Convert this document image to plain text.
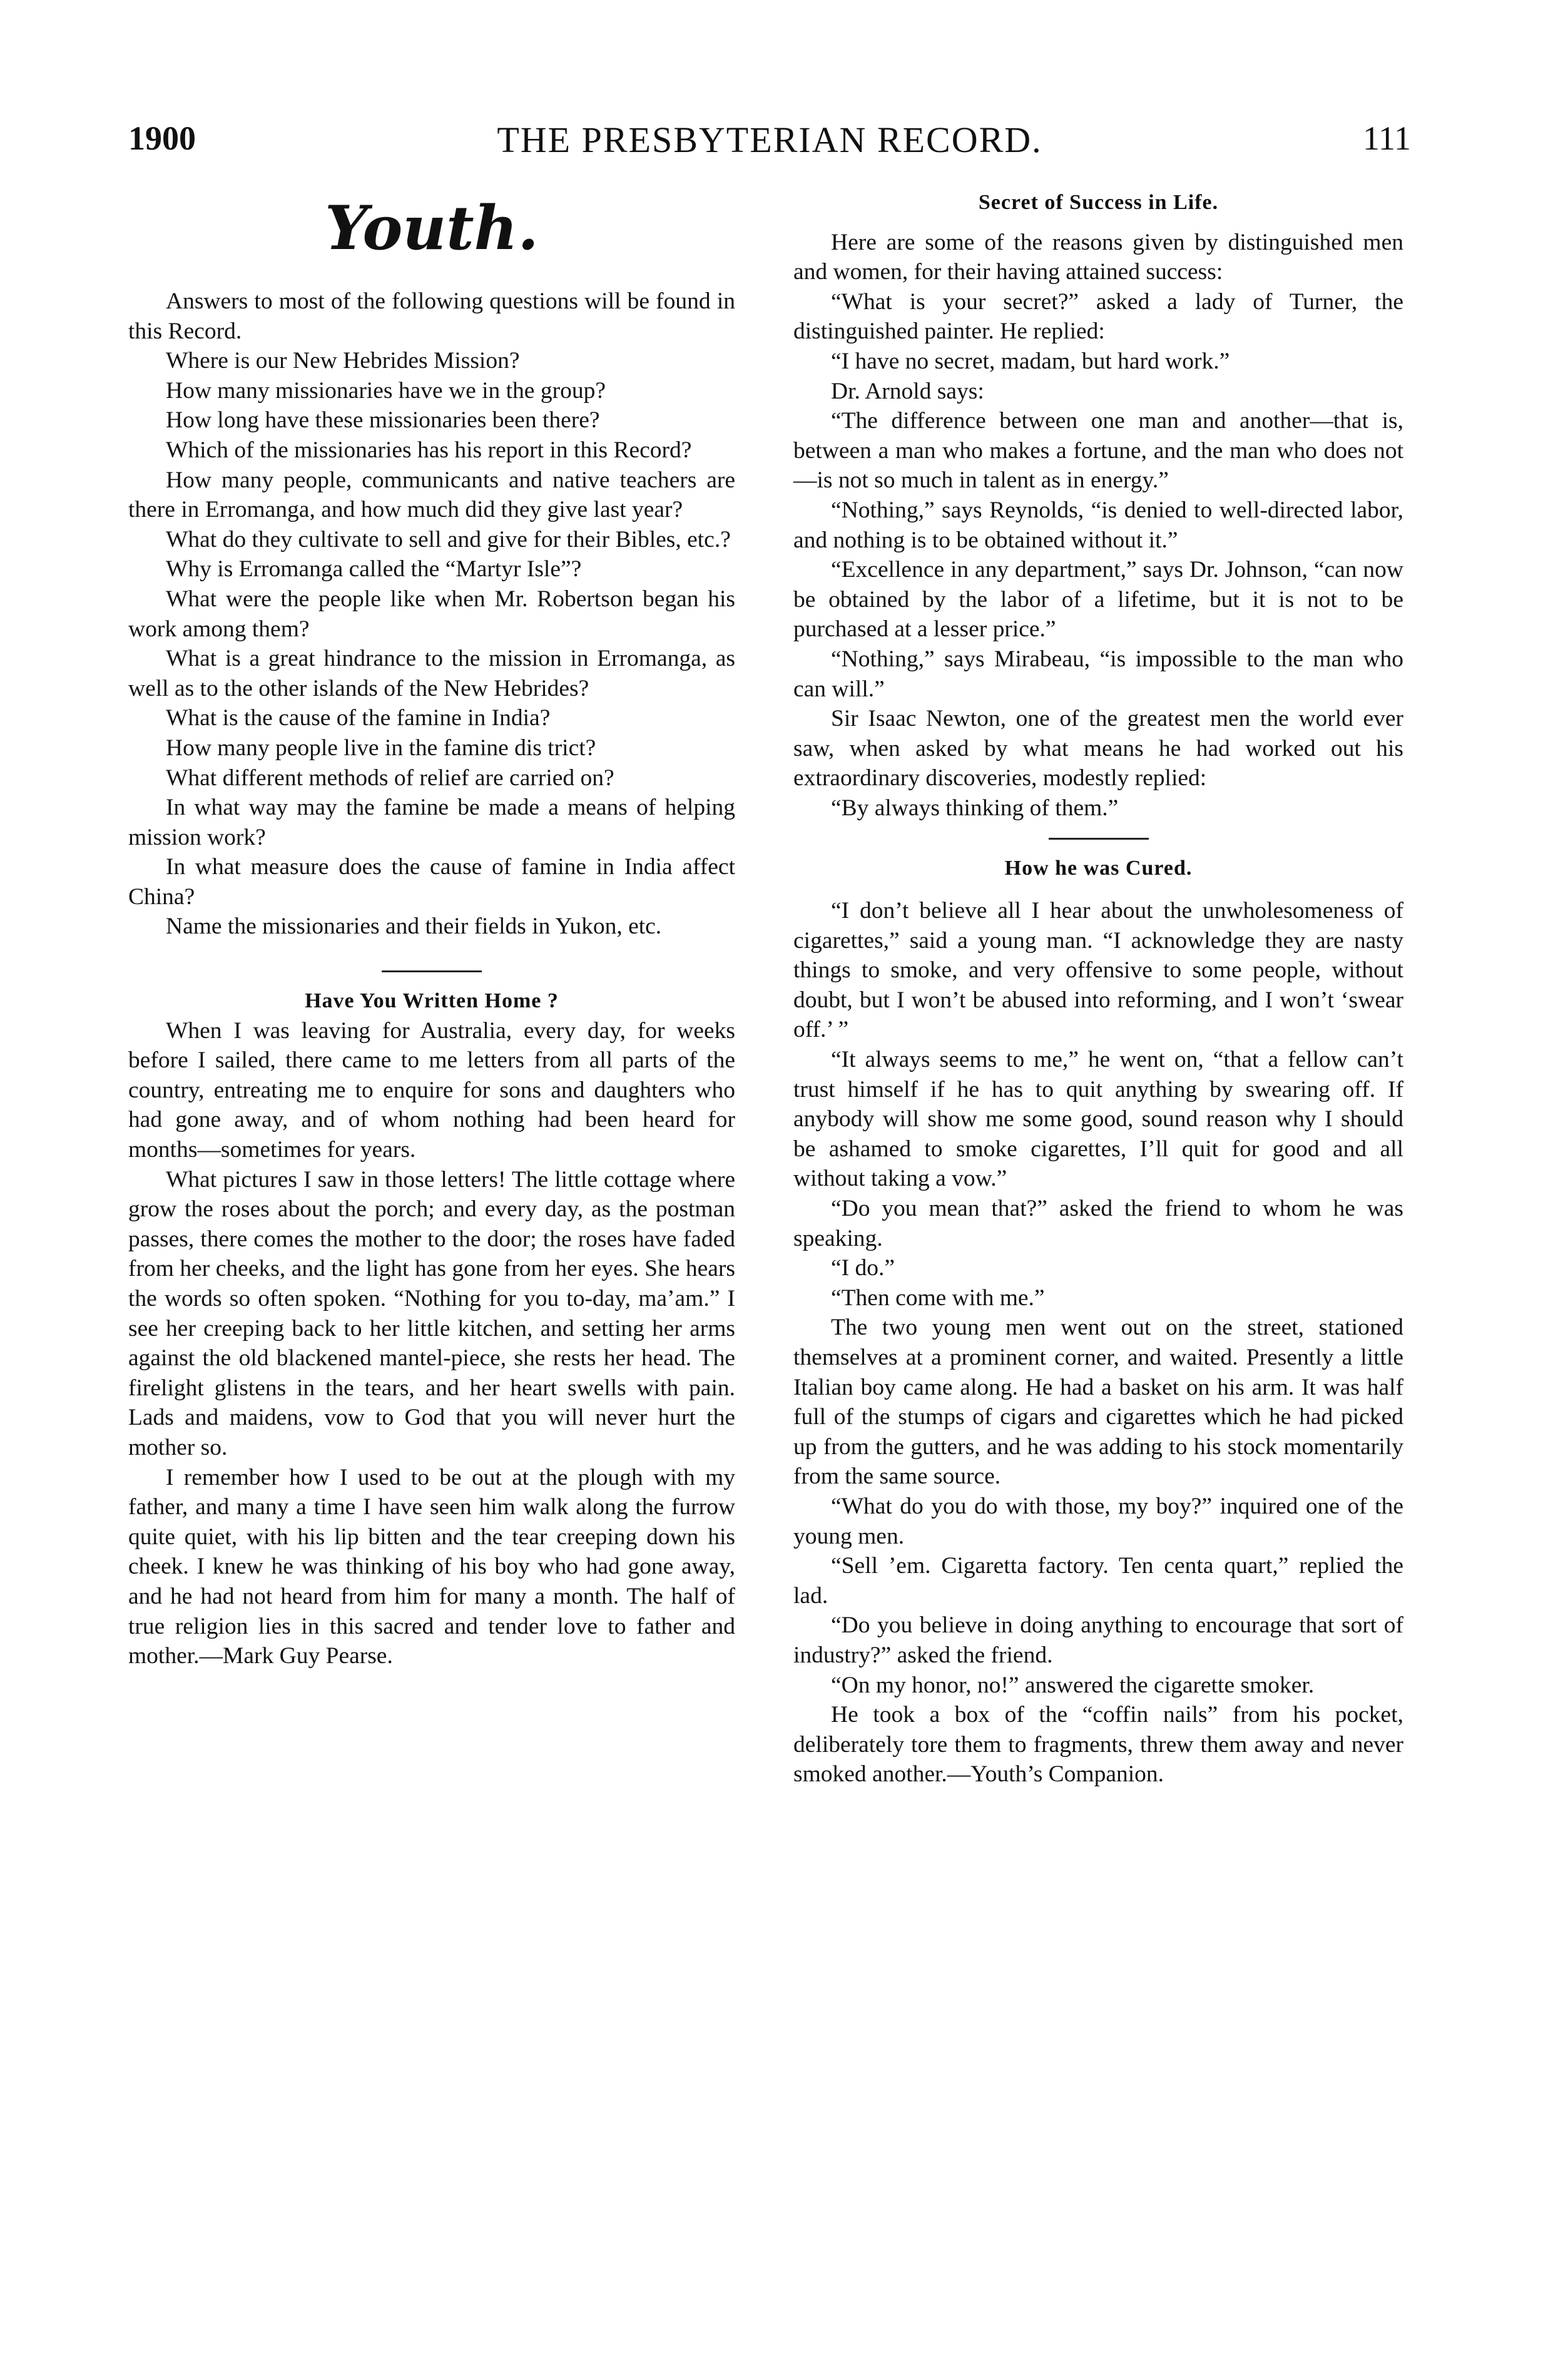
1900	THE PRESBYTERIAN RECORD.	111
Youth.

Answers to most of the following questions will be found in this Record.

Where is our New Hebrides Mission?

How many missionaries have we in the group?

How long have these missionaries been there?

Which of the missionaries has his report in this Record?

How many people, communicants and native teachers are there in Erromanga, and how much did they give last year?

What do they cultivate to sell and give for their Bibles, etc.?

Why is Erromanga called the “Martyr Isle”?

What were the people like when Mr. Robertson began his work among them?

What is a great hindrance to the mission in Erromanga, as well as to the other islands of the New Hebrides?

What is the cause of the famine in India?

How many people live in the famine dis trict?

What different methods of relief are carried on?

In what way may the famine be made a means of helping mission work?

In what measure does the cause of famine in India affect China?

Name the missionaries and their fields in Yukon, etc.

Have You Written Home ?

When I was leaving for Australia, every day, for weeks before I sailed, there came to me letters from all parts of the country, entreating me to enquire for sons and daughters who had gone away, and of whom nothing had been heard for months—sometimes for years.

What pictures I saw in those letters! The little cottage where grow the roses about the porch; and every day, as the postman passes, there comes the mother to the door; the roses have faded from her cheeks, and the light has gone from her eyes. She hears the words so often spoken. “Nothing for you to-day, ma’am.” I see her creeping back to her little kitchen, and setting her arms against the old blackened mantel-piece, she rests her head. The firelight glistens in the tears, and her heart swells with pain. Lads and maidens, vow to God that you will never hurt the mother so.

I remember how I used to be out at the plough with my father, and many a time I have seen him walk along the furrow quite quiet, with his lip bitten and the tear creeping down his cheek. I knew he was thinking of his boy who had gone away, and he had not heard from him for many a month. The half of true religion lies in this sacred and tender love to father and mother.—Mark Guy Pearse.

Secret of Success in Life.

Here are some of the reasons given by distinguished men and women, for their having attained success:

“What is your secret?” asked a lady of Turner, the distinguished painter. He replied:

“I have no secret, madam, but hard work.”

Dr. Arnold says:

“The difference between one man and another—that is, between a man who makes a fortune, and the man who does not—is not so much in talent as in energy.”

“Nothing,” says Reynolds, “is denied to well-directed labor, and nothing is to be obtained without it.”

“Excellence in any department,” says Dr. Johnson, “can now be obtained by the labor of a lifetime, but it is not to be purchased at a lesser price.”

“Nothing,” says Mirabeau, “is impossible to the man who can will.”

Sir Isaac Newton, one of the greatest men the world ever saw, when asked by what means he had worked out his extraordinary discoveries, modestly replied:

“By always thinking of them.”

How he was Cured.

“I don’t believe all I hear about the unwholesomeness of cigarettes,” said a young man. “I acknowledge they are nasty things to smoke, and very offensive to some people, without doubt, but I won’t be abused into reforming, and I won’t ‘swear off.’ ”

“It always seems to me,” he went on, “that a fellow can’t trust himself if he has to quit anything by swearing off. If anybody will show me some good, sound reason why I should be ashamed to smoke cigarettes, I’ll quit for good and all without taking a vow.”

“Do you mean that?” asked the friend to whom he was speaking.

“I do.”

“Then come with me.”

The two young men went out on the street, stationed themselves at a prominent corner, and waited. Presently a little Italian boy came along. He had a basket on his arm. It was half full of the stumps of cigars and cigarettes which he had picked up from the gutters, and he was adding to his stock momentarily from the same source.

“What do you do with those, my boy?” inquired one of the young men.

“Sell ’em. Cigaretta factory. Ten centa quart,” replied the lad.

“Do you believe in doing anything to encourage that sort of industry?” asked the friend.

“On my honor, no!” answered the cigarette smoker.

He took a box of the “coffin nails” from his pocket, deliberately tore them to fragments, threw them away and never smoked another.—Youth’s Companion.
